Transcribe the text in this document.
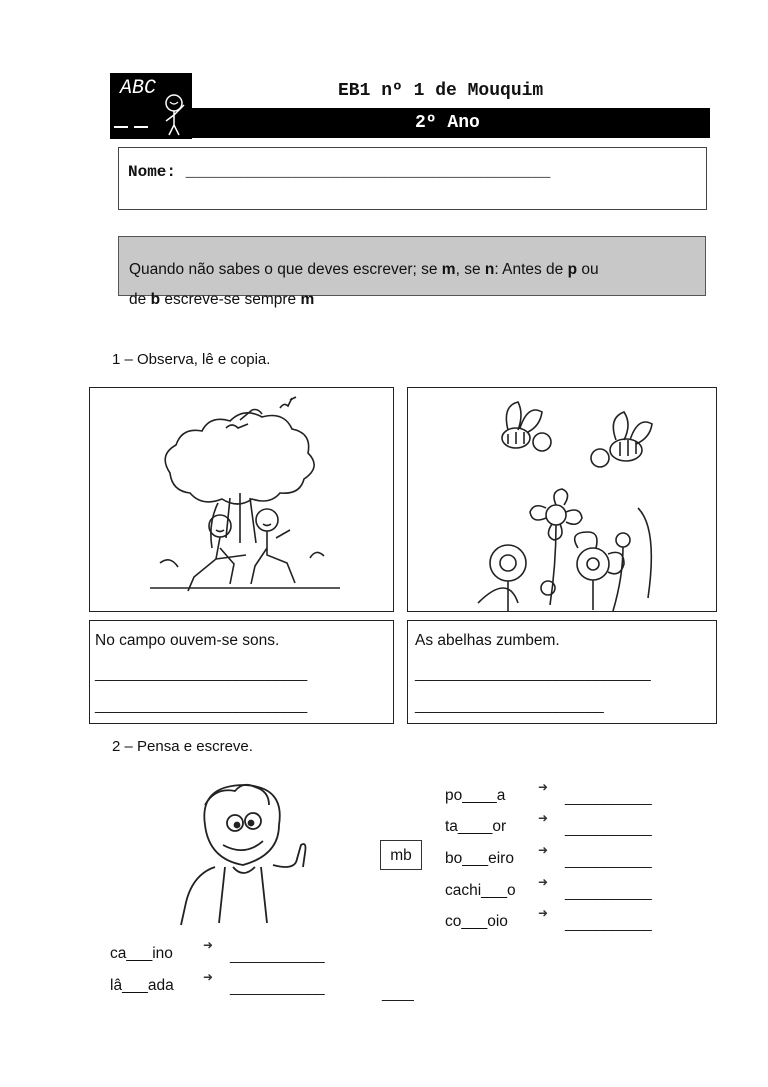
ABC	EB1 nº 1 de Mouquim
2º Ano
Nome: ______________________________________
Quando não sabes o que deves escrever; se m, se n: Antes de p ou
de b escreve-se sempre m
1 – Observa, lê e copia.
No campo ouvem-se sons.
___________________________
___________________________
As abelhas zumbem.
______________________________
________________________
2 – Pensa e escreve.
mb
po____a	➜
___________
ta____or	➜
___________
bo___eiro ➜
___________
cachi___o ➜
___________
co___oio	➜
___________
ca___ino	➜
____________
lâ___ada ➜
____________	____
